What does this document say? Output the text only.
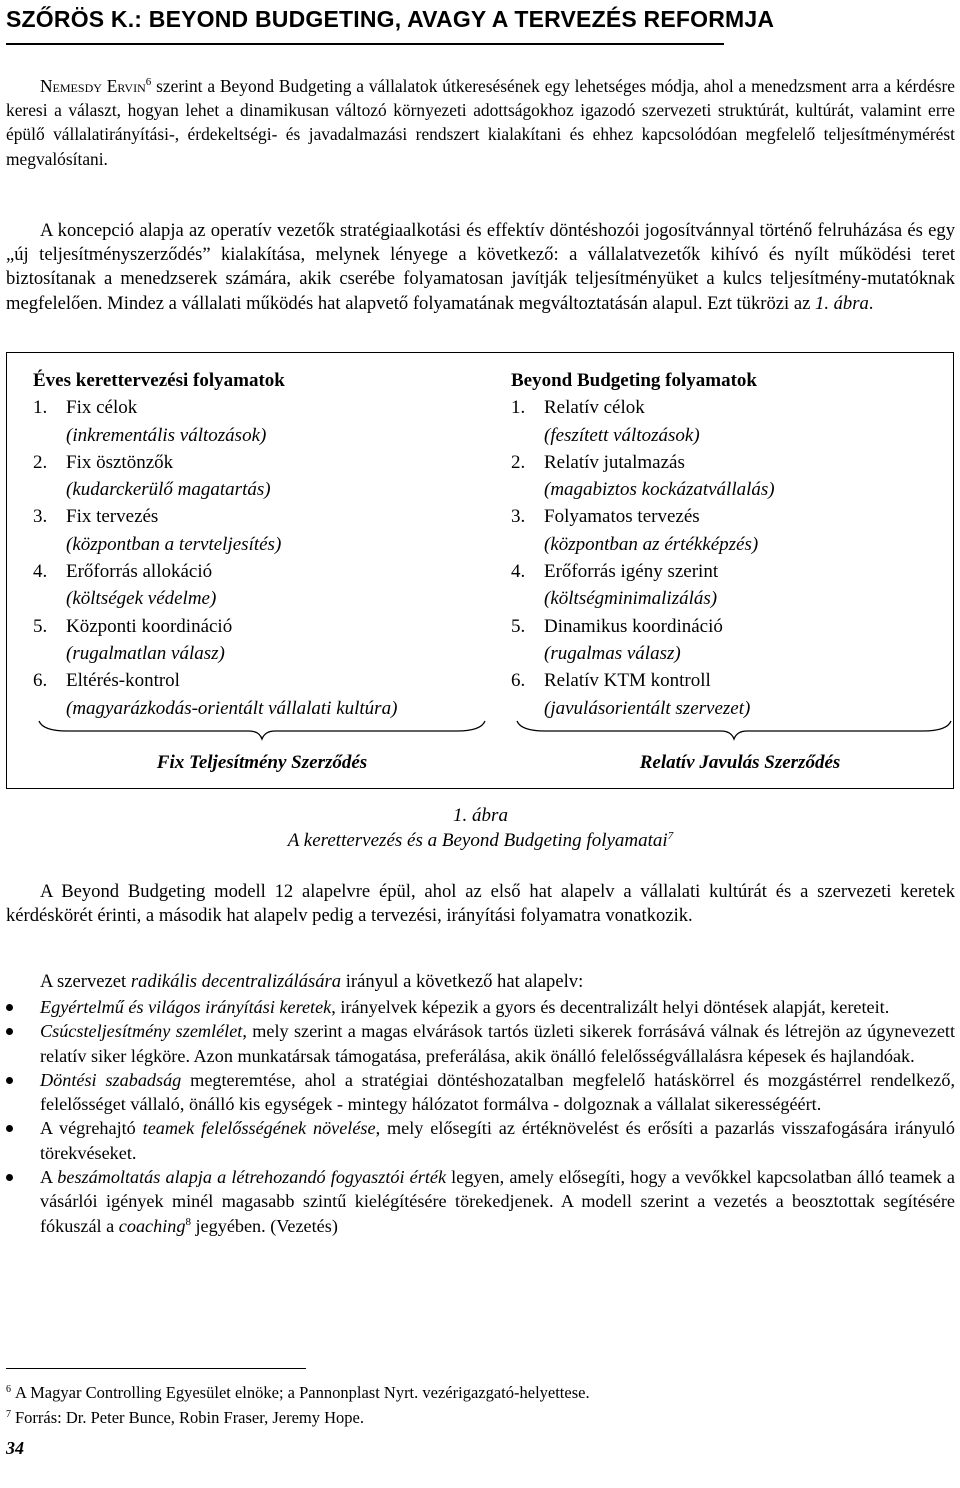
SZŐRÖS K.: BEYOND BUDGETING, AVAGY A TERVEZÉS REFORMJA

Nemesdy Ervin$^6$ szerint a Beyond Budgeting a vállalatok útkeresésének egy lehetséges módja, ahol a menedzsment arra a kérdésre keresi a választ, hogyan lehet a dinamikusan változó környezeti adottságokhoz igazodó szervezeti struktúrát, kultúrát, valamint erre épülő vállalatirányítási-, érdekeltségi- és javadalmazási rendszert kialakítani és ehhez kapcsolódóan megfelelő teljesítménymérést megvalósítani.

A koncepció alapja az operatív vezetők stratégiaalkotási és effektív döntéshozói jogosítvánnyal történő felruházása és egy „új teljesítményszerződés” kialakítása, melynek lényege a következő: a vállalatvezetők kihívó és nyílt működési teret biztosítanak a menedzserek számára, akik cserébe folyamatosan javítják teljesítményüket a kulcs teljesítmény-mutatóknak megfelelően. Mindez a vállalati működés hat alapvető folyamatának megváltoztatásán alapul. Ezt tükrözi az 1. ábra.

Éves kerettervezési folyamatok
1. Fix célok
(inkrementális változások)
2. Fix ösztönzők
(kudarckerülő magatartás)
3. Fix tervezés
(központban a tervteljesítés)
4. Erőforrás allokáció
(költségek védelme)
5. Központi koordináció
(rugalmatlan válasz)
6. Eltérés-kontrol
(magyarázkodás-orientált vállalati kultúra)
Beyond Budgeting folyamatok
1. Relatív célok
(feszített változások)
2. Relatív jutalmazás
(magabiztos kockázatvállalás)
3. Folyamatos tervezés
(központban az értékképzés)
4. Erőforrás igény szerint
(költségminimalizálás)
5. Dinamikus koordináció
(rugalmas válasz)
6. Relatív KTM kontroll
(javulásorientált szervezet)
Fix Teljesítmény Szerződés	Relatív Javulás Szerződés
1. ábra
A kerettervezés és a Beyond Budgeting folyamatai$^7$

A Beyond Budgeting modell 12 alapelvre épül, ahol az első hat alapelv a vállalati kultúrát és a szervezeti keretek kérdéskörét érinti, a második hat alapelv pedig a tervezési, irányítási folyamatra vonatkozik.

A szervezet radikális decentralizálására irányul a következő hat alapelv:

Egyértelmű és világos irányítási keretek, irányelvek képezik a gyors és decentralizált helyi döntések alapját, kereteit.
Csúcsteljesítmény szemlélet, mely szerint a magas elvárások tartós üzleti sikerek forrásává válnak és létrejön az úgynevezett relatív siker légköre. Azon munkatársak támogatása, preferálása, akik önálló felelősségvállalásra képesek és hajlandóak.
Döntési szabadság megteremtése, ahol a stratégiai döntéshozatalban megfelelő hatáskörrel és mozgástérrel rendelkező, felelősséget vállaló, önálló kis egységek - mintegy hálózatot formálva - dolgoznak a vállalat sikerességéért.
A végrehajtó teamek felelősségének növelése, mely elősegíti az értéknövelést és erősíti a pazarlás visszafogására irányuló törekvéseket.
A beszámoltatás alapja a létrehozandó fogyasztói érték legyen, amely elősegíti, hogy a vevőkkel kapcsolatban álló teamek a vásárlói igények minél magasabb szintű kielégítésére törekedjenek. A modell szerint a vezetés a beosztottak segítésére fókuszál a coaching$^8$ jegyében. (Vezetés)
$^6$ A Magyar Controlling Egyesület elnöke; a Pannonplast Nyrt. vezérigazgató-helyettese.
$^7$ Forrás: Dr. Peter Bunce, Robin Fraser, Jeremy Hope.
34
